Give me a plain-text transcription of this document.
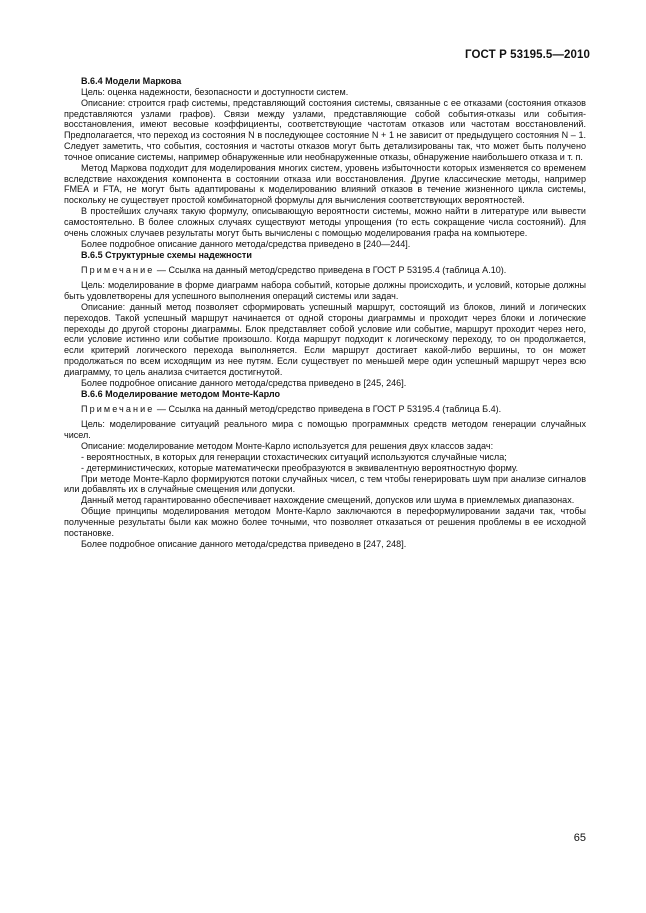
ГОСТ Р 53195.5—2010

B.6.4 Модели Маркова

Цель: оценка надежности, безопасности и доступности систем.

Описание: строится граф системы, представляющий состояния системы, связанные с ее отказами (состояния отказов представляются узлами графов). Связи между узлами, представляющие собой события-отказы или события-восстановления, имеют весовые коэффициенты, соответствующие частотам отказов или частотам восстановлений. Предполагается, что переход из состояния N в последующее состояние N + 1 не зависит от предыдущего состояния N – 1. Следует заметить, что события, состояния и частоты отказов могут быть детализированы так, что может быть получено точное описание системы, например обнаруженные или необнаруженные отказы, обнаружение наибольшего отказа и т. п.

Метод Маркова подходит для моделирования многих систем, уровень избыточности которых изменяется со временем вследствие нахождения компонента в состоянии отказа или восстановления. Другие классические методы, например FMEA и FTA, не могут быть адаптированы к моделированию влияний отказов в течение жизненного цикла системы, поскольку не существует простой комбинаторной формулы для вычисления соответствующих вероятностей.

В простейших случаях такую формулу, описывающую вероятности системы, можно найти в литературе или вывести самостоятельно. В более сложных случаях существуют методы упрощения (то есть сокращение числа состояний). Для очень сложных случаев результаты могут быть вычислены с помощью моделирования графа на компьютере.

Более подробное описание данного метода/средства приведено в [240—244].

B.6.5 Структурные схемы надежности

Примечание — Ссылка на данный метод/средство приведена в ГОСТ Р 53195.4 (таблица А.10).

Цель: моделирование в форме диаграмм набора событий, которые должны происходить, и условий, которые должны быть удовлетворены для успешного выполнения операций системы или задач.

Описание: данный метод позволяет сформировать успешный маршрут, состоящий из блоков, линий и логических переходов. Такой успешный маршрут начинается от одной стороны диаграммы и проходит через блоки и логические переходы до другой стороны диаграммы. Блок представляет собой условие или событие, маршрут проходит через него, если условие истинно или событие произошло. Когда маршрут подходит к логическому переходу, то он продолжается, если критерий логического перехода выполняется. Если маршрут достигает какой-либо вершины, то он может продолжаться по всем исходящим из нее путям. Если существует по меньшей мере один успешный маршрут через всю диаграмму, то цель анализа считается достигнутой.

Более подробное описание данного метода/средства приведено в [245, 246].

B.6.6 Моделирование методом Монте-Карло

Примечание — Ссылка на данный метод/средство приведена в ГОСТ Р 53195.4 (таблица Б.4).

Цель: моделирование ситуаций реального мира с помощью программных средств методом генерации случайных чисел.

Описание: моделирование методом Монте-Карло используется для решения двух классов задач:

- вероятностных, в которых для генерации стохастических ситуаций используются случайные числа;

- детерминистических, которые математически преобразуются в эквивалентную вероятностную форму.

При методе Монте-Карло формируются потоки случайных чисел, с тем чтобы генерировать шум при анализе сигналов или добавлять их в случайные смещения или допуски.

Данный метод гарантированно обеспечивает нахождение смещений, допусков или шума в приемлемых диапазонах.

Общие принципы моделирования методом Монте-Карло заключаются в переформулировании задачи так, чтобы полученные результаты были как можно более точными, что позволяет отказаться от решения проблемы в ее исходной постановке.

Более подробное описание данного метода/средства приведено в [247, 248].

65
